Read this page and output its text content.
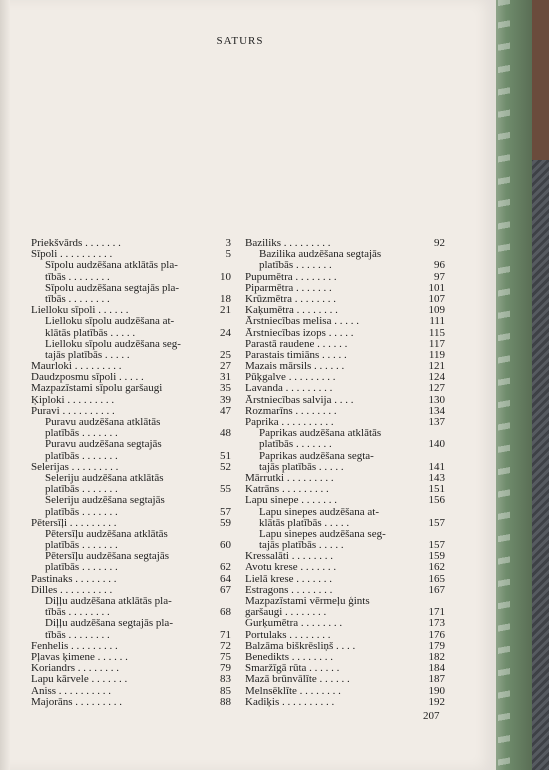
SATURS
Priekšvārds . . . . . . .	3
Sīpoli . . . . . . . . . .	5
Sīpolu audzēšana atklātās pla-
tībās . . . . . . . .	10
Sīpolu audzēšana segtajās pla-
tībās . . . . . . . .	18
Lielloku sīpoli . . . . . .	21
Lielloku sīpolu audzēšana at-
klātās platībās . . . . .	24
Lielloku sīpolu audzēšana seg-
tajās platībās . . . . .	25
Maurloki . . . . . . . . .	27
Daudzposmu sīpoli . . . . .	31
Mazpazīstami sīpolu garšaugi	35
Ķiploki . . . . . . . . .	39
Puravi . . . . . . . . . .	47
Puravu audzēšana atklātās
platībās . . . . . . .	48
Puravu audzēšana segtajās
platībās . . . . . . .	51
Selerijas . . . . . . . . .	52
Seleriju audzēšana atklātās
platībās . . . . . . .	55
Seleriju audzēšana segtajās
platībās . . . . . . .	57
Pētersīļi . . . . . . . . .	59
Pētersīļu audzēšana atklātās
platībās . . . . . . .	60
Pētersīļu audzēšana segtajās
platībās . . . . . . .	62
Pastinaks . . . . . . . .	64
Dilles . . . . . . . . . .	67
Diļļu audzēšana atklātās pla-
tībās . . . . . . . .	68
Diļļu audzēšana segtajās pla-
tībās . . . . . . . .	71
Fenhelis . . . . . . . . .	72
Pļavas ķimene . . . . . .	75
Koriandrs . . . . . . . .	79
Lapu kārvele . . . . . . .	83
Aniss . . . . . . . . . .	85
Majorāns . . . . . . . . .	88
Baziliks . . . . . . . . .	92
Bazilika audzēšana segtajās
platībās . . . . . . .	96
Pupumētra . . . . . . . .	97
Piparmētra . . . . . . .	101
Krūzmētra . . . . . . . .	107
Kaķumētra . . . . . . . .	109
Ārstniecības melisa . . . . .	111
Ārstniecības izops . . . . .	115
Parastā raudene . . . . . .	117
Parastais timiāns . . . . .	119
Mazais mārsils . . . . . .	121
Pūķgalve . . . . . . . . .	124
Lavanda . . . . . . . . .	127
Ārstniecības salvija . . . .	130
Rozmarīns . . . . . . . .	134
Paprika . . . . . . . . . .	137
Paprikas audzēšana atklātās
platībās . . . . . . .	140
Paprikas audzēšana segta-
tajās platībās . . . . .	141
Mārrutki . . . . . . . . .	143
Katrāns . . . . . . . . .	151
Lapu sinepe . . . . . . .	156
Lapu sinepes audzēšana at-
klātās platībās . . . . .	157
Lapu sinepes audzēšana seg-
tajās platībās . . . . .	157
Kressalāti . . . . . . . .	159
Avotu krese . . . . . . .	162
Lielā krese . . . . . . .	165
Estragons . . . . . . . .	167
Mazpazīstami vērmeļu ģints
garšaugi . . . . . . . .	171
Gurķumētra . . . . . . . .	173
Portulaks . . . . . . . .	176
Balzāma biškrēsliņš . . . .	179
Benedikts . . . . . . . .	182
Smaržīgā rūta . . . . . .	184
Mazā brūnvālīte . . . . . .	187
Melnsēklīte . . . . . . . .	190
Kadiķis . . . . . . . . . .	192
207
